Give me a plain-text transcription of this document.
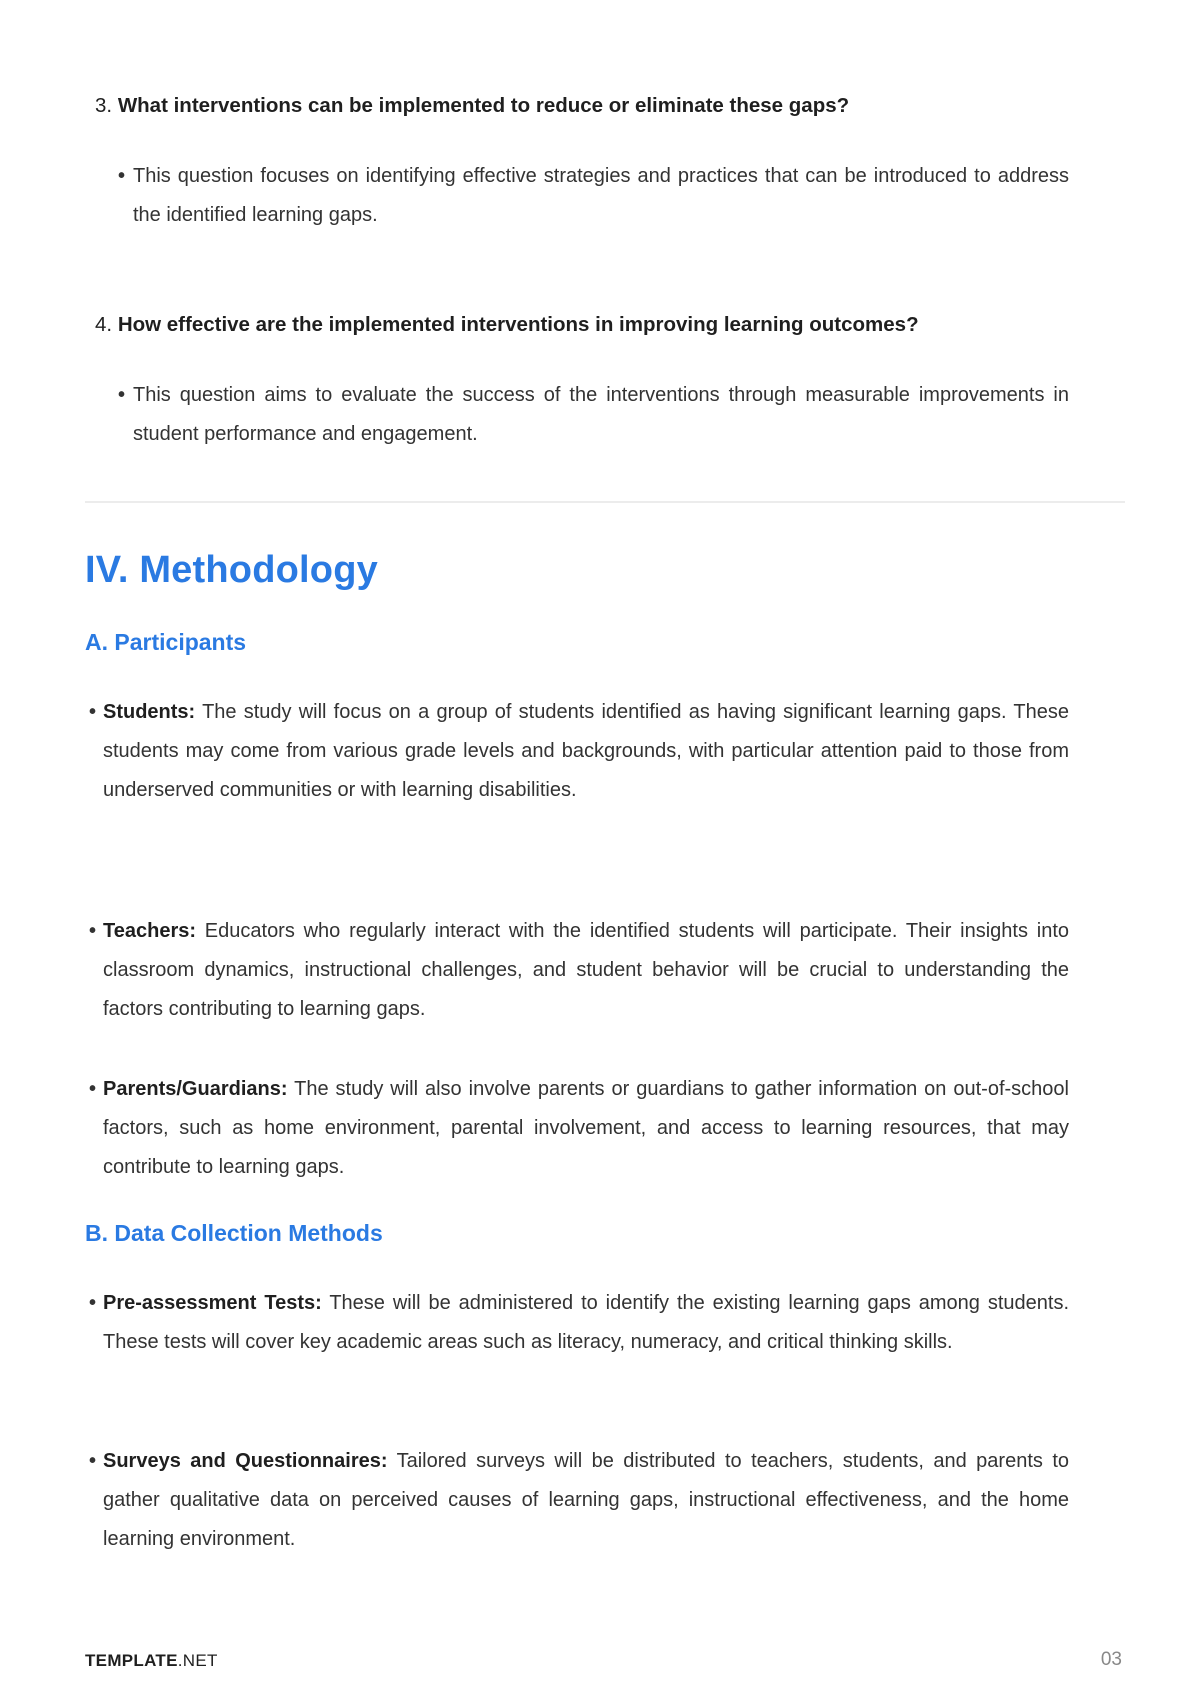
3. What interventions can be implemented to reduce or eliminate these gaps?
• This question focuses on identifying effective strategies and practices that can be introduced to address the identified learning gaps.
4. How effective are the implemented interventions in improving learning outcomes?
• This question aims to evaluate the success of the interventions through measurable improvements in student performance and engagement.
IV. Methodology
A. Participants
• Students: The study will focus on a group of students identified as having significant learning gaps. These students may come from various grade levels and backgrounds, with particular attention paid to those from underserved communities or with learning disabilities.
• Teachers: Educators who regularly interact with the identified students will participate. Their insights into classroom dynamics, instructional challenges, and student behavior will be crucial to understanding the factors contributing to learning gaps.
• Parents/Guardians: The study will also involve parents or guardians to gather information on out-of-school factors, such as home environment, parental involvement, and access to learning resources, that may contribute to learning gaps.
B. Data Collection Methods
• Pre-assessment Tests: These will be administered to identify the existing learning gaps among students. These tests will cover key academic areas such as literacy, numeracy, and critical thinking skills.
• Surveys and Questionnaires: Tailored surveys will be distributed to teachers, students, and parents to gather qualitative data on perceived causes of learning gaps, instructional effectiveness, and the home learning environment.
TEMPLATE.NET	03
